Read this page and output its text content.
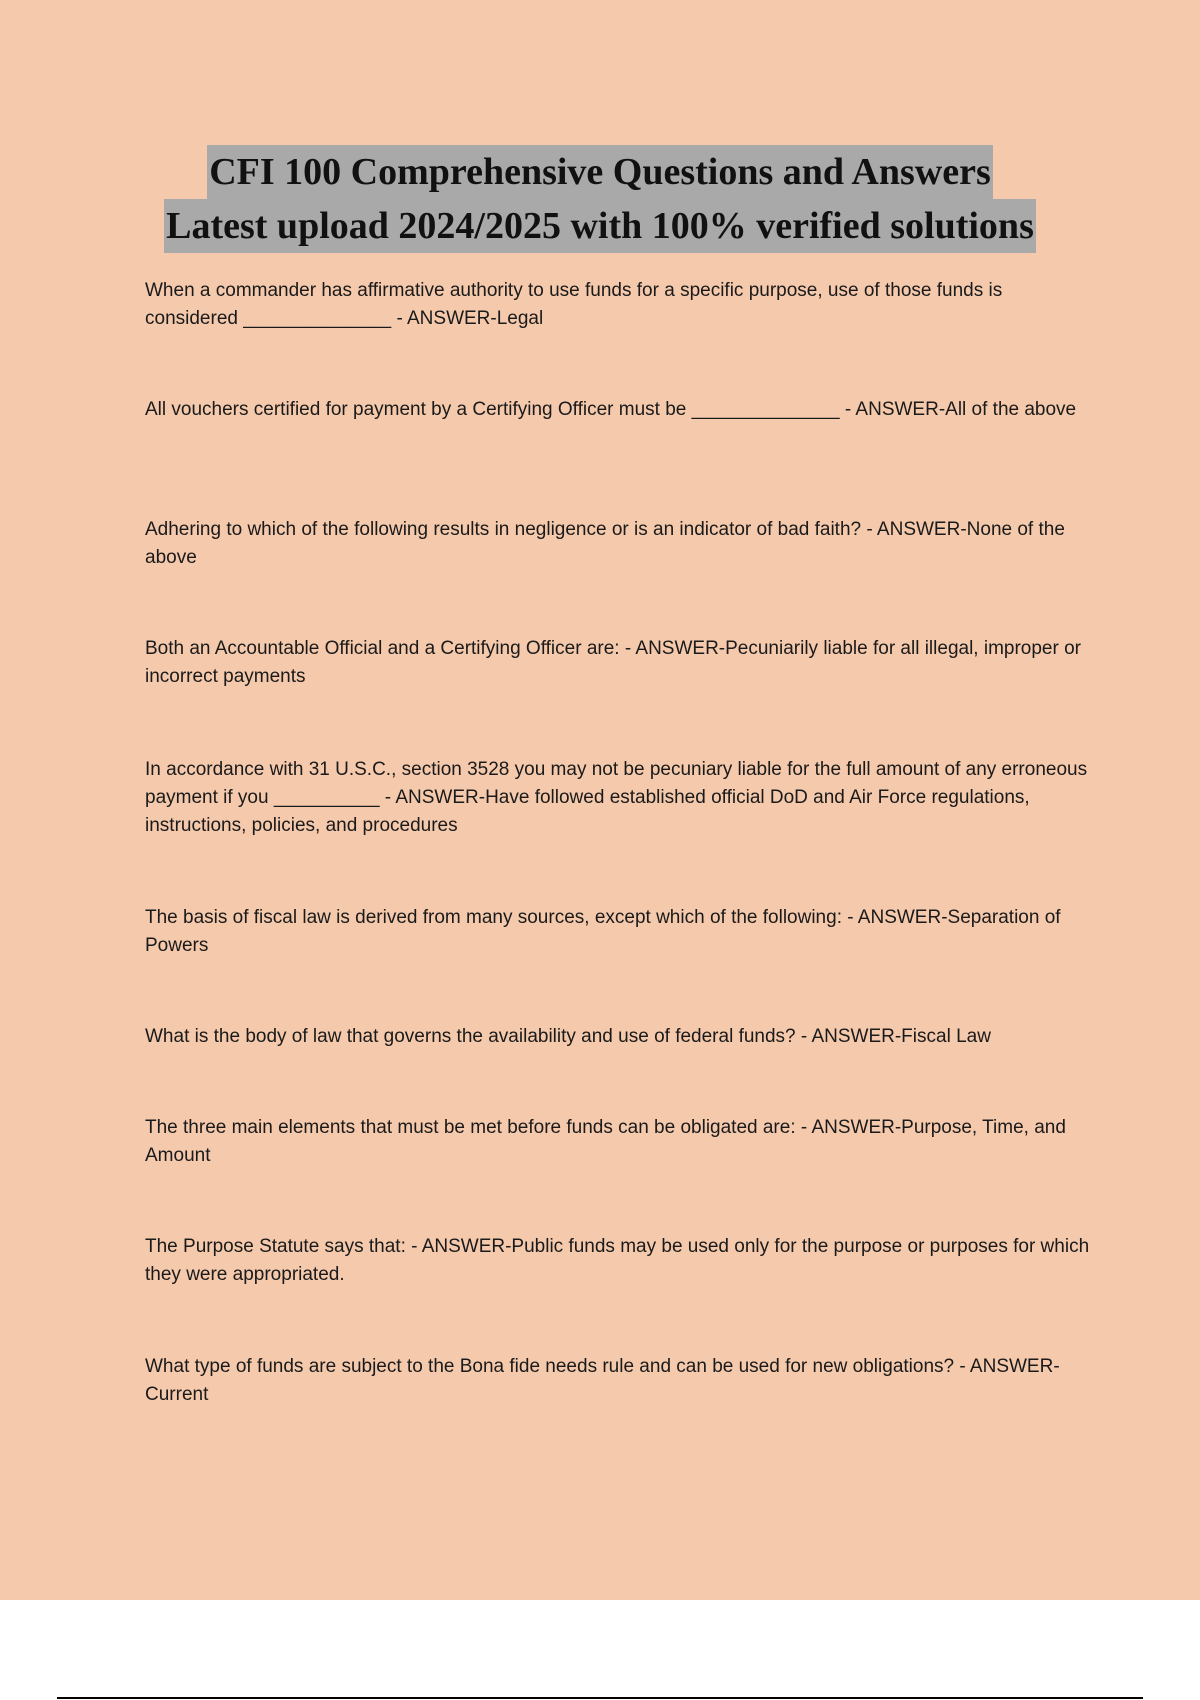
CFI 100 Comprehensive Questions and Answers
Latest upload 2024/2025 with 100% verified solutions
When a commander has affirmative authority to use funds for a specific purpose, use of those funds is considered ______________ - ANSWER-Legal
All vouchers certified for payment by a Certifying Officer must be ______________ - ANSWER-All of the above
Adhering to which of the following results in negligence or is an indicator of bad faith? - ANSWER-None of the above
Both an Accountable Official and a Certifying Officer are: - ANSWER-Pecuniarily liable for all illegal, improper or incorrect payments
In accordance with 31 U.S.C., section 3528 you may not be pecuniary liable for the full amount of any erroneous payment if you __________ - ANSWER-Have followed established official DoD and Air Force regulations, instructions, policies, and procedures
The basis of fiscal law is derived from many sources, except which of the following: - ANSWER-Separation of Powers
What is the body of law that governs the availability and use of federal funds? - ANSWER-Fiscal Law
The three main elements that must be met before funds can be obligated are: - ANSWER-Purpose, Time, and Amount
The Purpose Statute says that: - ANSWER-Public funds may be used only for the purpose or purposes for which they were appropriated.
What type of funds are subject to the Bona fide needs rule and can be used for new obligations? - ANSWER-Current
